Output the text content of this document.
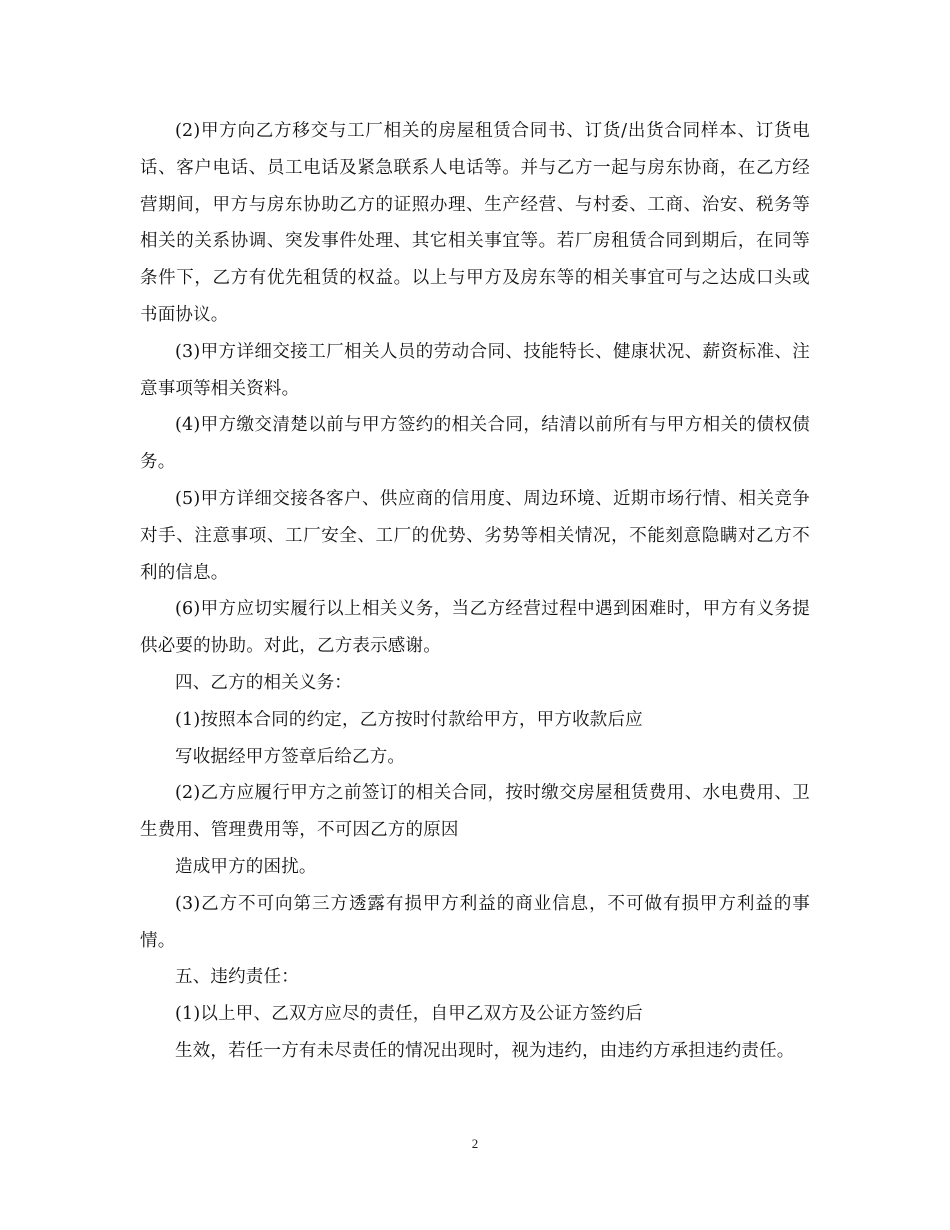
(2)甲方向乙方移交与工厂相关的房屋租赁合同书、订货/出货合同样本、订货电话、客户电话、员工电话及紧急联系人电话等。并与乙方一起与房东协商，在乙方经营期间，甲方与房东协助乙方的证照办理、生产经营、与村委、工商、治安、税务等相关的关系协调、突发事件处理、其它相关事宜等。若厂房租赁合同到期后，在同等条件下，乙方有优先租赁的权益。以上与甲方及房东等的相关事宜可与之达成口头或书面协议。

(3)甲方详细交接工厂相关人员的劳动合同、技能特长、健康状况、薪资标准、注意事项等相关资料。

(4)甲方缴交清楚以前与甲方签约的相关合同，结清以前所有与甲方相关的债权债务。

(5)甲方详细交接各客户、供应商的信用度、周边环境、近期市场行情、相关竞争对手、注意事项、工厂安全、工厂的优势、劣势等相关情况，不能刻意隐瞒对乙方不利的信息。

(6)甲方应切实履行以上相关义务，当乙方经营过程中遇到困难时，甲方有义务提供必要的协助。对此，乙方表示感谢。

四、乙方的相关义务：

(1)按照本合同的约定，乙方按时付款给甲方，甲方收款后应

写收据经甲方签章后给乙方。

(2)乙方应履行甲方之前签订的相关合同，按时缴交房屋租赁费用、水电费用、卫生费用、管理费用等，不可因乙方的原因

造成甲方的困扰。

(3)乙方不可向第三方透露有损甲方利益的商业信息，不可做有损甲方利益的事情。

五、违约责任：

(1)以上甲、乙双方应尽的责任，自甲乙双方及公证方签约后

生效，若任一方有未尽责任的情况出现时，视为违约，由违约方承担违约责任。

2
